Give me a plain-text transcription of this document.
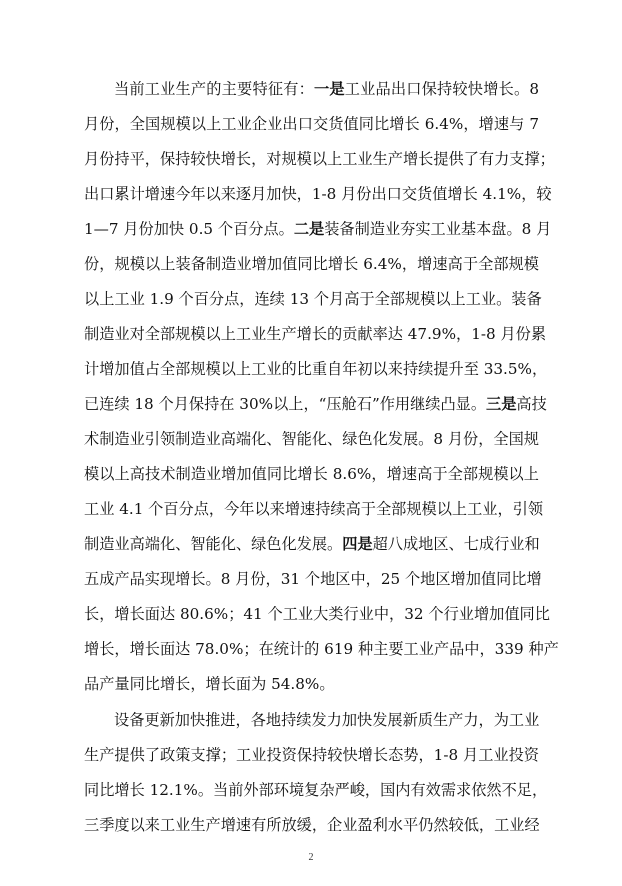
当前工业生产的主要特征有：一是工业品出口保持较快增长。8
月份，全国规模以上工业企业出口交货值同比增长 6.4%，增速与 7
月份持平，保持较快增长，对规模以上工业生产增长提供了有力支撑；
出口累计增速今年以来逐月加快，1-8 月份出口交货值增长 4.1%，较
1—7 月份加快 0.5 个百分点。二是装备制造业夯实工业基本盘。8 月
份，规模以上装备制造业增加值同比增长 6.4%，增速高于全部规模
以上工业 1.9 个百分点，连续 13 个月高于全部规模以上工业。装备
制造业对全部规模以上工业生产增长的贡献率达 47.9%，1-8 月份累
计增加值占全部规模以上工业的比重自年初以来持续提升至 33.5%，
已连续 18 个月保持在 30%以上，“压舱石”作用继续凸显。三是高技
术制造业引领制造业高端化、智能化、绿色化发展。8 月份，全国规
模以上高技术制造业增加值同比增长 8.6%，增速高于全部规模以上
工业 4.1 个百分点，今年以来增速持续高于全部规模以上工业，引领
制造业高端化、智能化、绿色化发展。四是超八成地区、七成行业和
五成产品实现增长。8 月份，31 个地区中，25 个地区增加值同比增
长，增长面达 80.6%；41 个工业大类行业中，32 个行业增加值同比
增长，增长面达 78.0%；在统计的 619 种主要工业产品中，339 种产
品产量同比增长，增长面为 54.8%。
设备更新加快推进，各地持续发力加快发展新质生产力，为工业
生产提供了政策支撑；工业投资保持较快增长态势，1-8 月工业投资
同比增长 12.1%。当前外部环境复杂严峻，国内有效需求依然不足，
三季度以来工业生产增速有所放缓，企业盈利水平仍然较低，工业经
2
